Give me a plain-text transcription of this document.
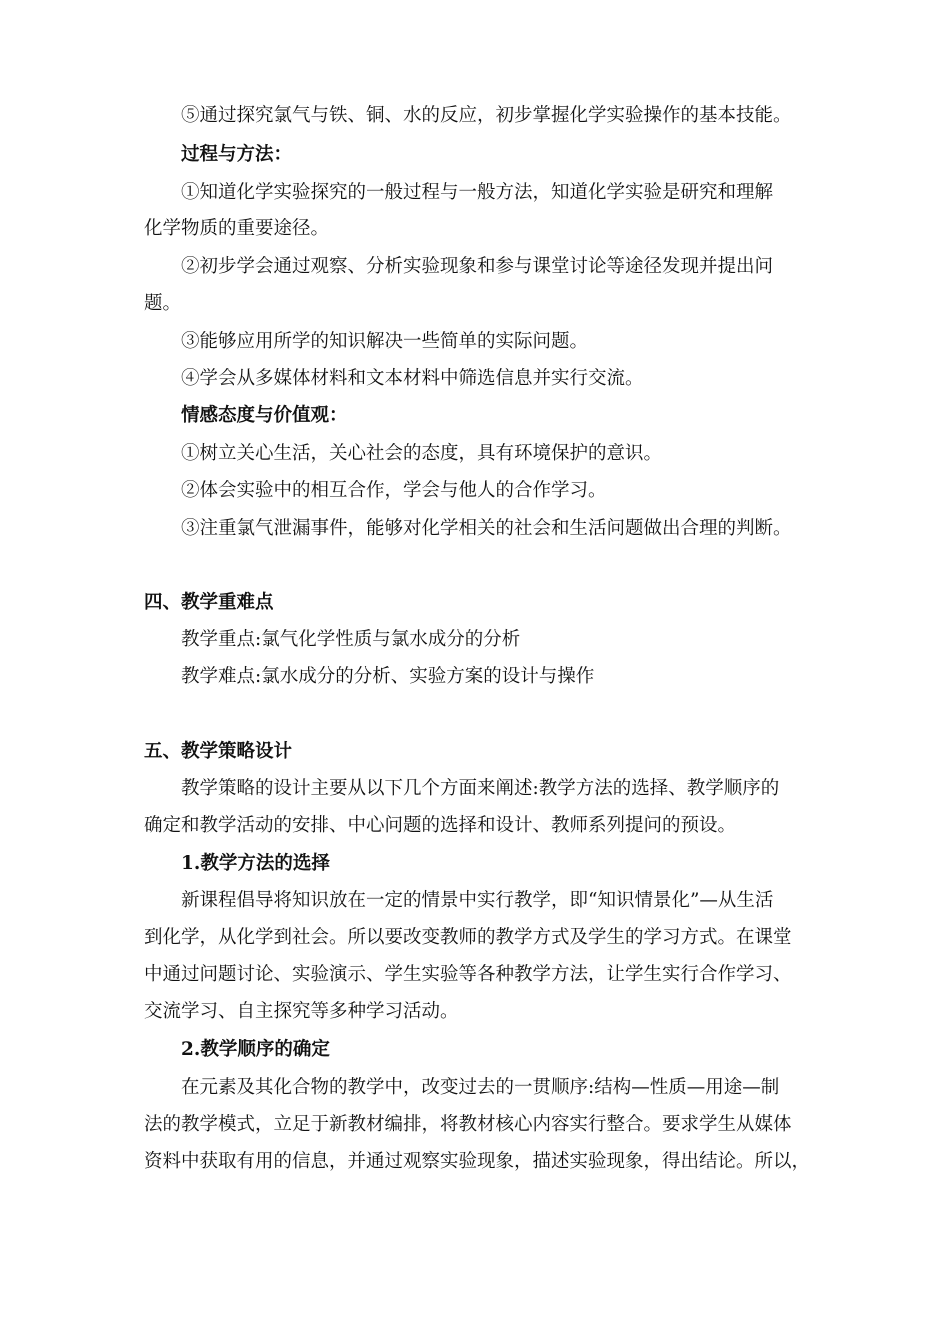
⑤通过探究氯气与铁、铜、水的反应，初步掌握化学实验操作的基本技能。
过程与方法：
①知道化学实验探究的一般过程与一般方法，知道化学实验是研究和理解
化学物质的重要途径。
②初步学会通过观察、分析实验现象和参与课堂讨论等途径发现并提出问
题。
③能够应用所学的知识解决一些简单的实际问题。
④学会从多媒体材料和文本材料中筛选信息并实行交流。
情感态度与价值观：
①树立关心生活，关心社会的态度，具有环境保护的意识。
②体会实验中的相互合作，学会与他人的合作学习。
③注重氯气泄漏事件，能够对化学相关的社会和生活问题做出合理的判断。
四、教学重难点
教学重点:氯气化学性质与氯水成分的分析
教学难点:氯水成分的分析、实验方案的设计与操作
五、教学策略设计
教学策略的设计主要从以下几个方面来阐述:教学方法的选择、教学顺序的
确定和教学活动的安排、中心问题的选择和设计、教师系列提问的预设。
1.教学方法的选择
新课程倡导将知识放在一定的情景中实行教学，即“知识情景化”—从生活
到化学，从化学到社会。所以要改变教师的教学方式及学生的学习方式。在课堂
中通过问题讨论、实验演示、学生实验等各种教学方法，让学生实行合作学习、
交流学习、自主探究等多种学习活动。
2.教学顺序的确定
在元素及其化合物的教学中，改变过去的一贯顺序:结构—性质—用途—制
法的教学模式，立足于新教材编排，将教材核心内容实行整合。要求学生从媒体
资料中获取有用的信息，并通过观察实验现象，描述实验现象，得出结论。所以，
